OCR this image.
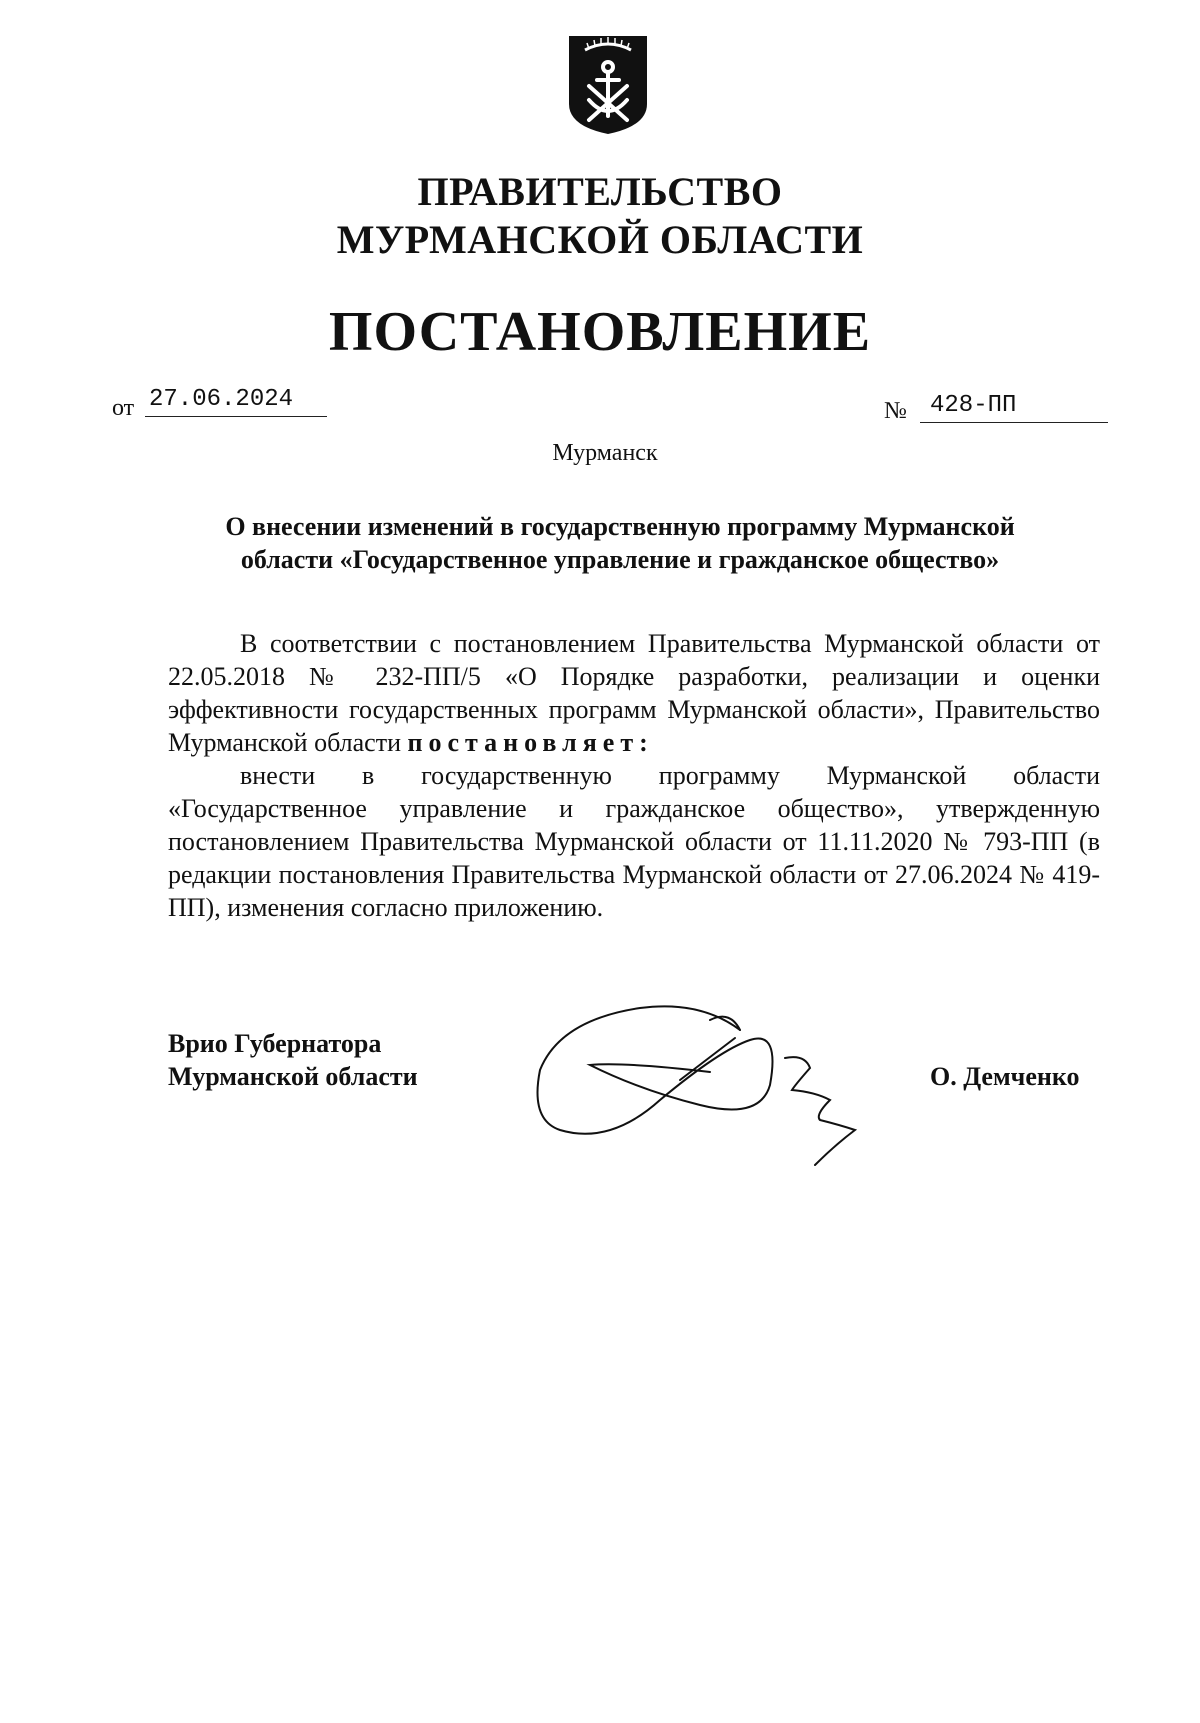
ПРАВИТЕЛЬСТВО
МУРМАНСКОЙ ОБЛАСТИ
ПОСТАНОВЛЕНИЕ
от 27.06.2024	№ 428-ПП
Мурманск
О внесении изменений в государственную программу Мурманской
области «Государственное управление и гражданское общество»
В соответствии с постановлением Правительства Мурманской области от 22.05.2018 № 232-ПП/5 «О Порядке разработки, реализации и оценки эффективности государственных программ Мурманской области», Правительство Мурманской области постановляет:
внести в государственную программу Мурманской области «Государственное управление и гражданское общество», утвержденную постановлением Правительства Мурманской области от 11.11.2020 № 793-ПП (в редакции постановления Правительства Мурманской области от 27.06.2024 № 419-ПП), изменения согласно приложению.
Врио Губернатора
Мурманской области	О. Демченко
